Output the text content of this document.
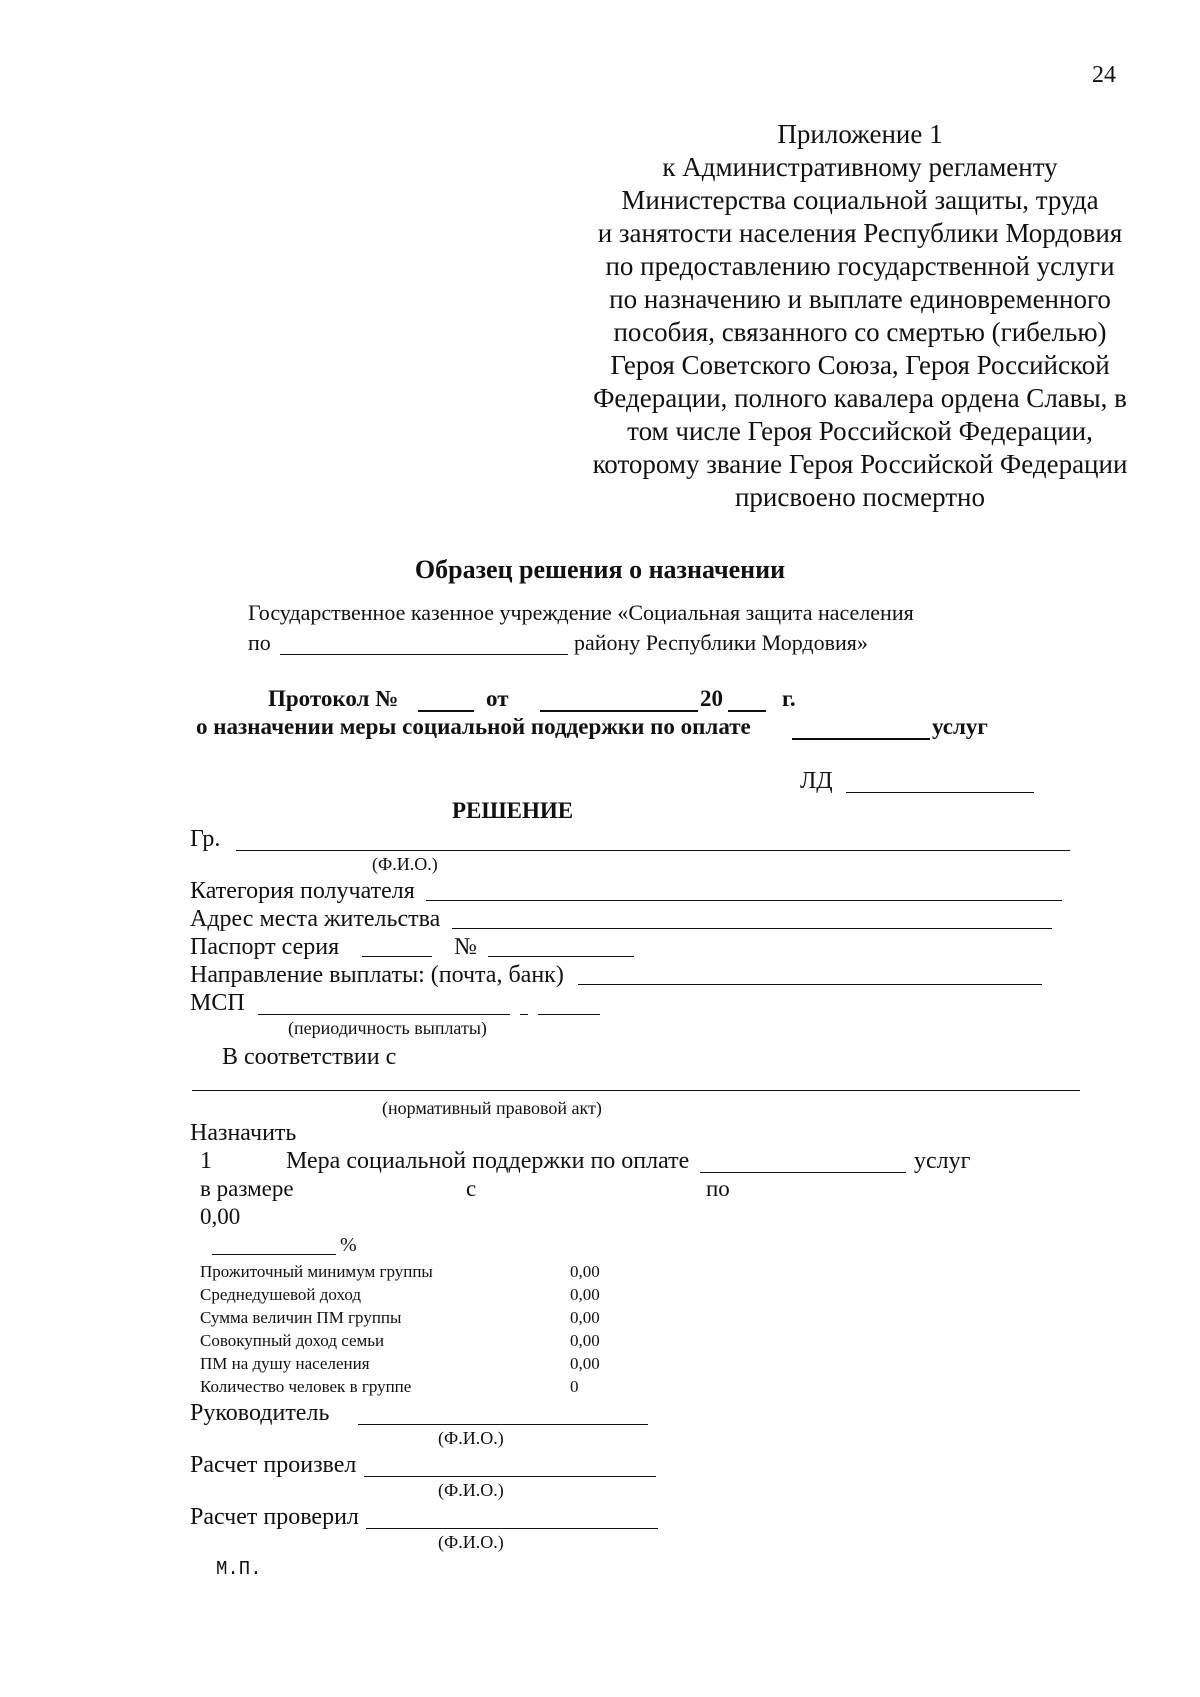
24
Приложение 1
к Административному регламенту
Министерства социальной защиты, труда
и занятости населения Республики Мордовия
по предоставлению государственной услуги
по назначению и выплате единовременного
пособия, связанного со смертью (гибелью)
Героя Советского Союза, Героя Российской
Федерации, полного кавалера ордена Славы, в
том числе Героя Российской Федерации,
которому звание Героя Российской Федерации
присвоено посмертно
Образец решения о назначении
Государственное казенное учреждение «Социальная защита населения
по	району Республики Мордовия»
Протокол №	от	20	г.
о назначении меры социальной поддержки по оплате	услуг
ЛД
РЕШЕНИЕ
Гр.
(Ф.И.О.)
Категория получателя
Адрес места жительства
Паспорт серия	№
Направление выплаты: (почта, банк)
МСП
(периодичность выплаты)
В соответствии с
(нормативный правовой акт)
Назначить
1	Мера социальной поддержки по оплате	услуг
в размере	с	по
0,00
%
Прожиточный минимум группы	0,00
Среднедушевой доход	0,00
Сумма величин ПМ группы	0,00
Совокупный доход семьи	0,00
ПМ на душу населения	0,00
Количество человек в группе	0
Руководитель
(Ф.И.О.)
Расчет произвел
(Ф.И.О.)
Расчет проверил
(Ф.И.О.)
М.П.
